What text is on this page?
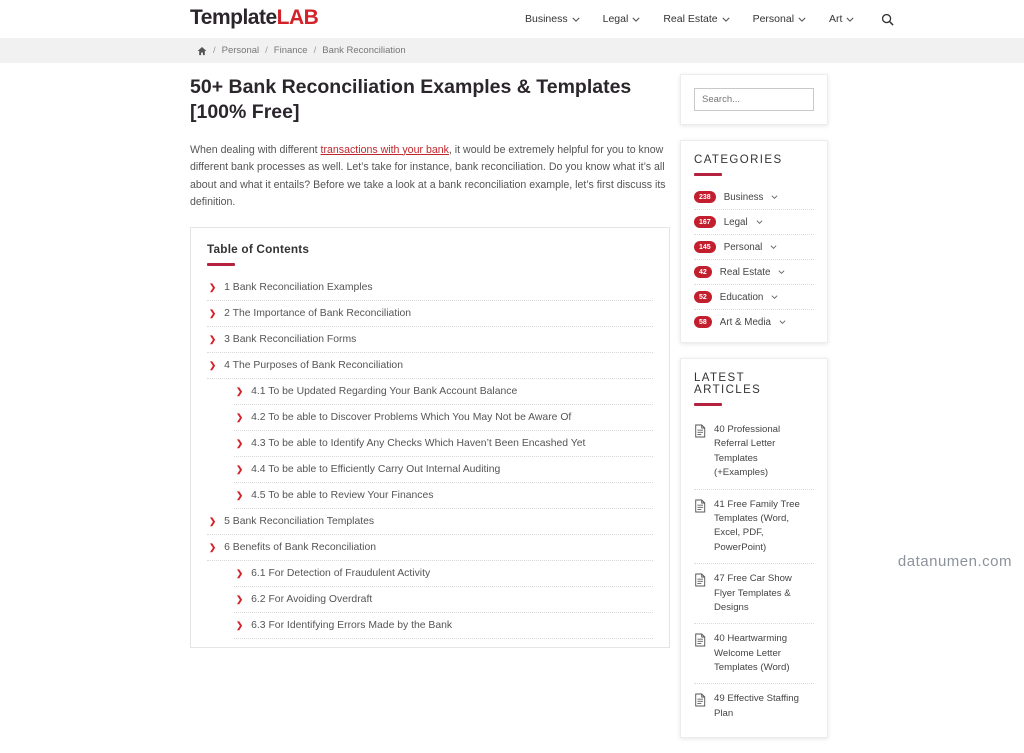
TemplateLAB	Business	Legal	Real Estate	Personal	Art
/ Personal / Finance / Bank Reconciliation
50+ Bank Reconciliation Examples & Templates [100% Free]

When dealing with different transactions with your bank, it would be extremely helpful for you to know different bank processes as well. Let’s take for instance, bank reconciliation. Do you know what it’s all about and what it entails? Before we take a look at a bank reconciliation example, let’s first discuss its definition.

Table of Contents
❯ 1 Bank Reconciliation Examples
❯ 2 The Importance of Bank Reconciliation
❯ 3 Bank Reconciliation Forms
❯ 4 The Purposes of Bank Reconciliation
❯ 4.1 To be Updated Regarding Your Bank Account Balance
❯ 4.2 To be able to Discover Problems Which You May Not be Aware Of
❯ 4.3 To be able to Identify Any Checks Which Haven’t Been Encashed Yet
❯ 4.4 To be able to Efficiently Carry Out Internal Auditing
❯ 4.5 To be able to Review Your Finances
❯ 5 Bank Reconciliation Templates
❯ 6 Benefits of Bank Reconciliation
❯ 6.1 For Detection of Fraudulent Activity
❯ 6.2 For Avoiding Overdraft
❯ 6.3 For Identifying Errors Made by the Bank
Search...
CATEGORIES
238	Business
167	Legal
145	Personal
42	Real Estate
52	Education
58	Art & Media
LATEST ARTICLES
40 Professional Referral Letter Templates (+Examples)
41 Free Family Tree Templates (Word, Excel, PDF, PowerPoint)
47 Free Car Show Flyer Templates & Designs
40 Heartwarming Welcome Letter Templates (Word)
49 Effective Staffing Plan
datanumen.com
